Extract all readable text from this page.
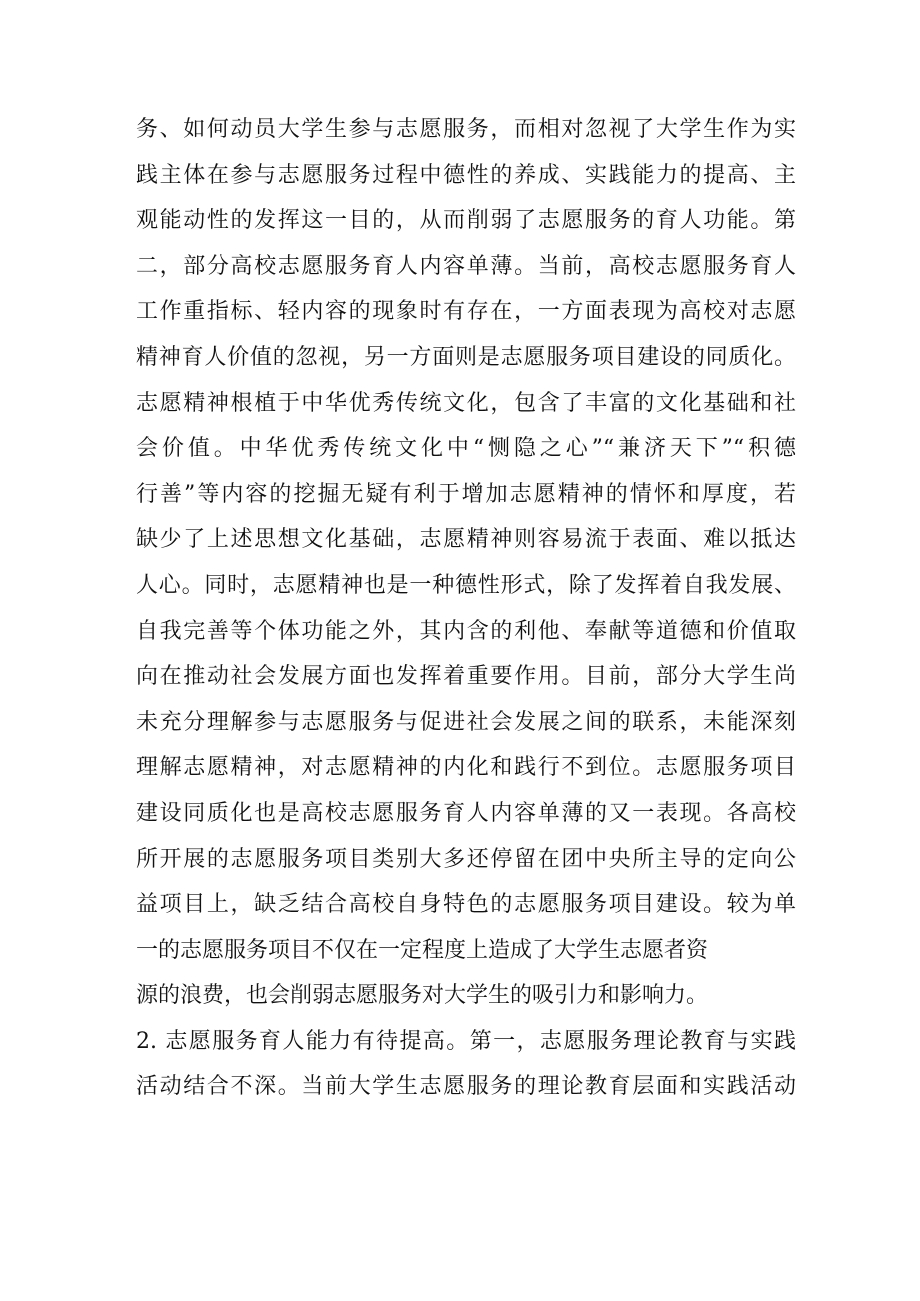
务、如何动员大学生参与志愿服务，而相对忽视了大学生作为实
践主体在参与志愿服务过程中德性的养成、实践能力的提高、主
观能动性的发挥这一目的，从而削弱了志愿服务的育人功能。第
二，部分高校志愿服务育人内容单薄。当前，高校志愿服务育人
工作重指标、轻内容的现象时有存在，一方面表现为高校对志愿
精神育人价值的忽视，另一方面则是志愿服务项目建设的同质化。
志愿精神根植于中华优秀传统文化，包含了丰富的文化基础和社
会价值。中华优秀传统文化中“恻隐之心”“兼济天下”“积德
行善”等内容的挖掘无疑有利于增加志愿精神的情怀和厚度，若
缺少了上述思想文化基础，志愿精神则容易流于表面、难以抵达
人心。同时，志愿精神也是一种德性形式，除了发挥着自我发展、
自我完善等个体功能之外，其内含的利他、奉献等道德和价值取
向在推动社会发展方面也发挥着重要作用。目前，部分大学生尚
未充分理解参与志愿服务与促进社会发展之间的联系，未能深刻
理解志愿精神，对志愿精神的内化和践行不到位。志愿服务项目
建设同质化也是高校志愿服务育人内容单薄的又一表现。各高校
所开展的志愿服务项目类别大多还停留在团中央所主导的定向公
益项目上，缺乏结合高校自身特色的志愿服务项目建设。较为单
一的志愿服务项目不仅在一定程度上造成了大学生志愿者资
源的浪费，也会削弱志愿服务对大学生的吸引力和影响力。
2. 志愿服务育人能力有待提高。第一，志愿服务理论教育与实践
活动结合不深。当前大学生志愿服务的理论教育层面和实践活动
